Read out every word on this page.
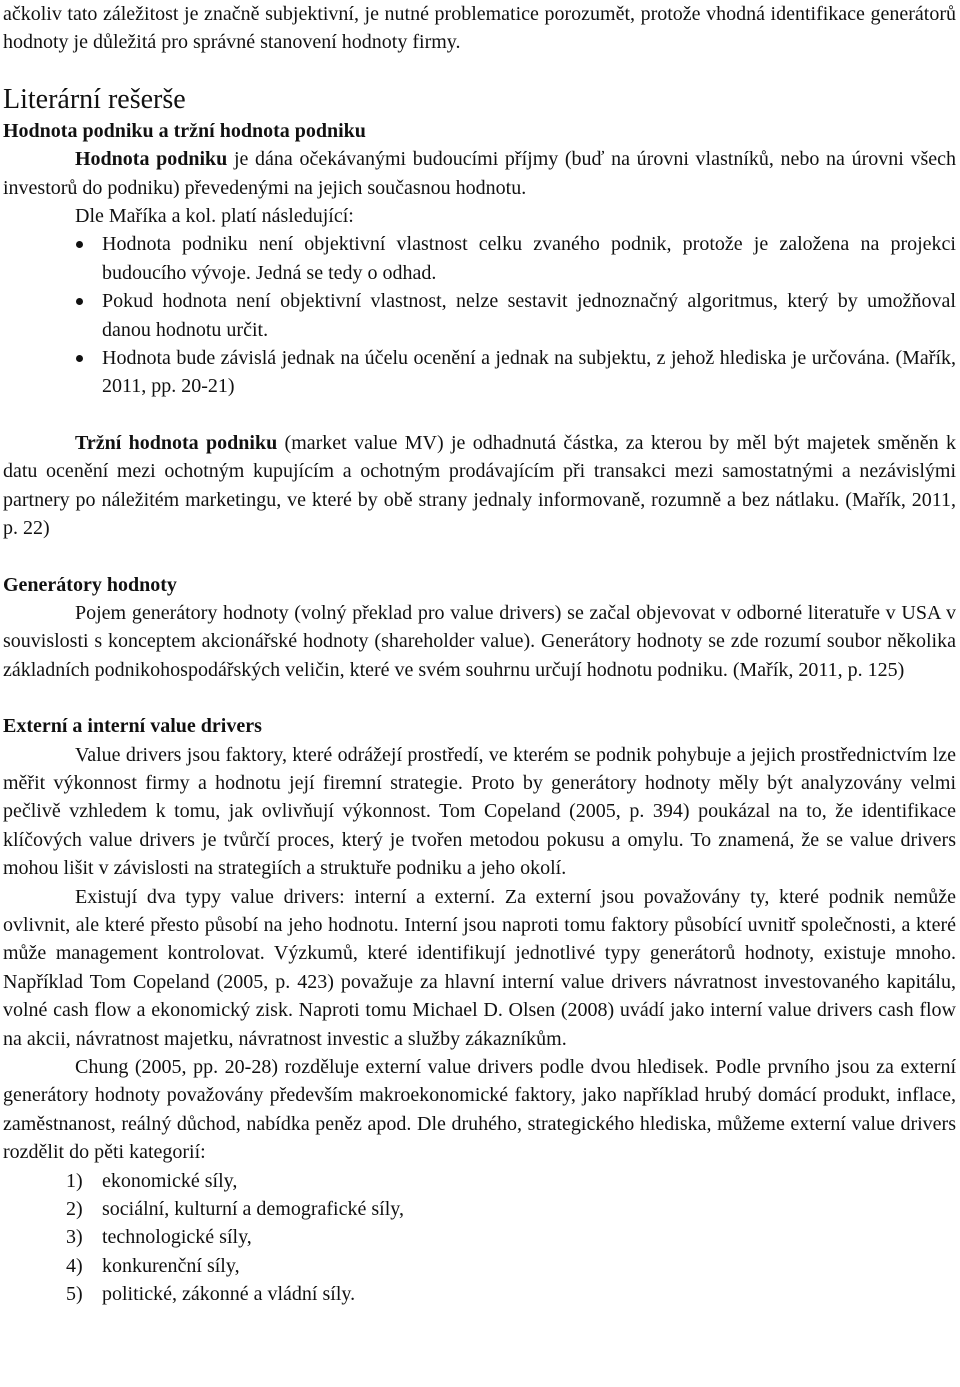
ačkoliv tato záležitost je značně subjektivní, je nutné problematice porozumět, protože vhodná identifikace generátorů hodnoty je důležitá pro správné stanovení hodnoty firmy.

Literární rešerše
Hodnota podniku a tržní hodnota podniku

Hodnota podniku je dána očekávanými budoucími příjmy (buď na úrovni vlastníků, nebo na úrovni všech investorů do podniku) převedenými na jejich současnou hodnotu.

Dle Maříka a kol. platí následující:

Hodnota podniku není objektivní vlastnost celku zvaného podnik, protože je založena na projekci budoucího vývoje. Jedná se tedy o odhad.
Pokud hodnota není objektivní vlastnost, nelze sestavit jednoznačný algoritmus, který by umožňoval danou hodnotu určit.
Hodnota bude závislá jednak na účelu ocenění a jednak na subjektu, z jehož hlediska je určována. (Mařík, 2011, pp. 20-21)

Tržní hodnota podniku (market value MV) je odhadnutá částka, za kterou by měl být majetek směněn k datu ocenění mezi ochotným kupujícím a ochotným prodávajícím při transakci mezi samostatnými a nezávislými partnery po náležitém marketingu, ve které by obě strany jednaly informovaně, rozumně a bez nátlaku. (Mařík, 2011, p. 22)

Generátory hodnoty

Pojem generátory hodnoty (volný překlad pro value drivers) se začal objevovat v odborné literatuře v USA v souvislosti s konceptem akcionářské hodnoty (shareholder value). Generátory hodnoty se zde rozumí soubor několika základních podnikohospodářských veličin, které ve svém souhrnu určují hodnotu podniku. (Mařík, 2011, p. 125)

Externí a interní value drivers

Value drivers jsou faktory, které odrážejí prostředí, ve kterém se podnik pohybuje a jejich prostřednictvím lze měřit výkonnost firmy a hodnotu její firemní strategie. Proto by generátory hodnoty měly být analyzovány velmi pečlivě vzhledem k tomu, jak ovlivňují výkonnost. Tom Copeland (2005, p. 394) poukázal na to, že identifikace klíčových value drivers je tvůrčí proces, který je tvořen metodou pokusu a omylu. To znamená, že se value drivers mohou lišit v závislosti na strategiích a struktuře podniku a jeho okolí.

Existují dva typy value drivers: interní a externí. Za externí jsou považovány ty, které podnik nemůže ovlivnit, ale které přesto působí na jeho hodnotu. Interní jsou naproti tomu faktory působící uvnitř společnosti, a které může management kontrolovat. Výzkumů, které identifikují jednotlivé typy generátorů hodnoty, existuje mnoho. Například Tom Copeland (2005, p. 423) považuje za hlavní interní value drivers návratnost investovaného kapitálu, volné cash flow a ekonomický zisk. Naproti tomu Michael D. Olsen (2008) uvádí jako interní value drivers cash flow na akcii, návratnost majetku, návratnost investic a služby zákazníkům.

Chung (2005, pp. 20-28) rozděluje externí value drivers podle dvou hledisek. Podle prvního jsou za externí generátory hodnoty považovány především makroekonomické faktory, jako například hrubý domácí produkt, inflace, zaměstnanost, reálný důchod, nabídka peněz apod. Dle druhého, strategického hlediska, můžeme externí value drivers rozdělit do pěti kategorií:

1) ekonomické síly,
2) sociální, kulturní a demografické síly,
3) technologické síly,
4) konkurenční síly,
5) politické, zákonné a vládní síly.
